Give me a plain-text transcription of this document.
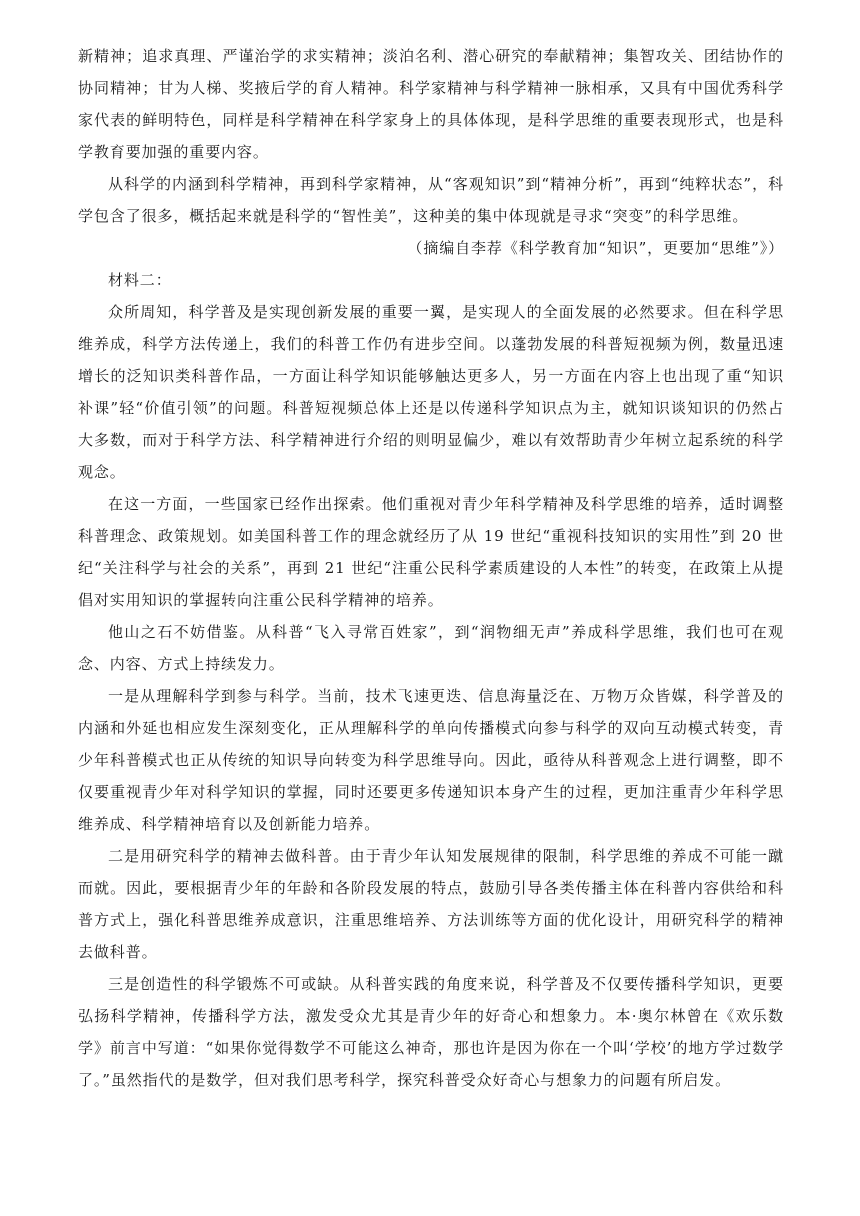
新精神；追求真理、严谨治学的求实精神；淡泊名利、潜心研究的奉献精神；集智攻关、团结协作的协同精神；甘为人梯、奖掖后学的育人精神。科学家精神与科学精神一脉相承，又具有中国优秀科学家代表的鲜明特色，同样是科学精神在科学家身上的具体体现，是科学思维的重要表现形式，也是科学教育要加强的重要内容。

从科学的内涵到科学精神，再到科学家精神，从“客观知识”到“精神分析”，再到“纯粹状态”，科学包含了很多，概括起来就是科学的“智性美”，这种美的集中体现就是寻求“突变”的科学思维。

（摘编自李荐《科学教育加“知识”，更要加“思维”》）

材料二：

众所周知，科学普及是实现创新发展的重要一翼，是实现人的全面发展的必然要求。但在科学思维养成，科学方法传递上，我们的科普工作仍有进步空间。以蓬勃发展的科普短视频为例，数量迅速增长的泛知识类科普作品，一方面让科学知识能够触达更多人，另一方面在内容上也出现了重“知识补课”轻“价值引领”的问题。科普短视频总体上还是以传递科学知识点为主，就知识谈知识的仍然占大多数，而对于科学方法、科学精神进行介绍的则明显偏少，难以有效帮助青少年树立起系统的科学观念。

在这一方面，一些国家已经作出探索。他们重视对青少年科学精神及科学思维的培养，适时调整科普理念、政策规划。如美国科普工作的理念就经历了从 19 世纪“重视科技知识的实用性”到 20 世纪“关注科学与社会的关系”，再到 21 世纪“注重公民科学素质建设的人本性”的转变，在政策上从提倡对实用知识的掌握转向注重公民科学精神的培养。

他山之石不妨借鉴。从科普“飞入寻常百姓家”，到“润物细无声”养成科学思维，我们也可在观念、内容、方式上持续发力。

一是从理解科学到参与科学。当前，技术飞速更迭、信息海量泛在、万物万众皆媒，科学普及的内涵和外延也相应发生深刻变化，正从理解科学的单向传播模式向参与科学的双向互动模式转变，青少年科普模式也正从传统的知识导向转变为科学思维导向。因此，亟待从科普观念上进行调整，即不仅要重视青少年对科学知识的掌握，同时还要更多传递知识本身产生的过程，更加注重青少年科学思维养成、科学精神培育以及创新能力培养。

二是用研究科学的精神去做科普。由于青少年认知发展规律的限制，科学思维的养成不可能一蹴而就。因此，要根据青少年的年龄和各阶段发展的特点，鼓励引导各类传播主体在科普内容供给和科普方式上，强化科普思维养成意识，注重思维培养、方法训练等方面的优化设计，用研究科学的精神去做科普。

三是创造性的科学锻炼不可或缺。从科普实践的角度来说，科学普及不仅要传播科学知识，更要弘扬科学精神，传播科学方法，激发受众尤其是青少年的好奇心和想象力。本·奥尔林曾在《欢乐数学》前言中写道：“如果你觉得数学不可能这么神奇，那也许是因为你在一个叫‘学校’的地方学过数学了。”虽然指代的是数学，但对我们思考科学，探究科普受众好奇心与想象力的问题有所启发。
